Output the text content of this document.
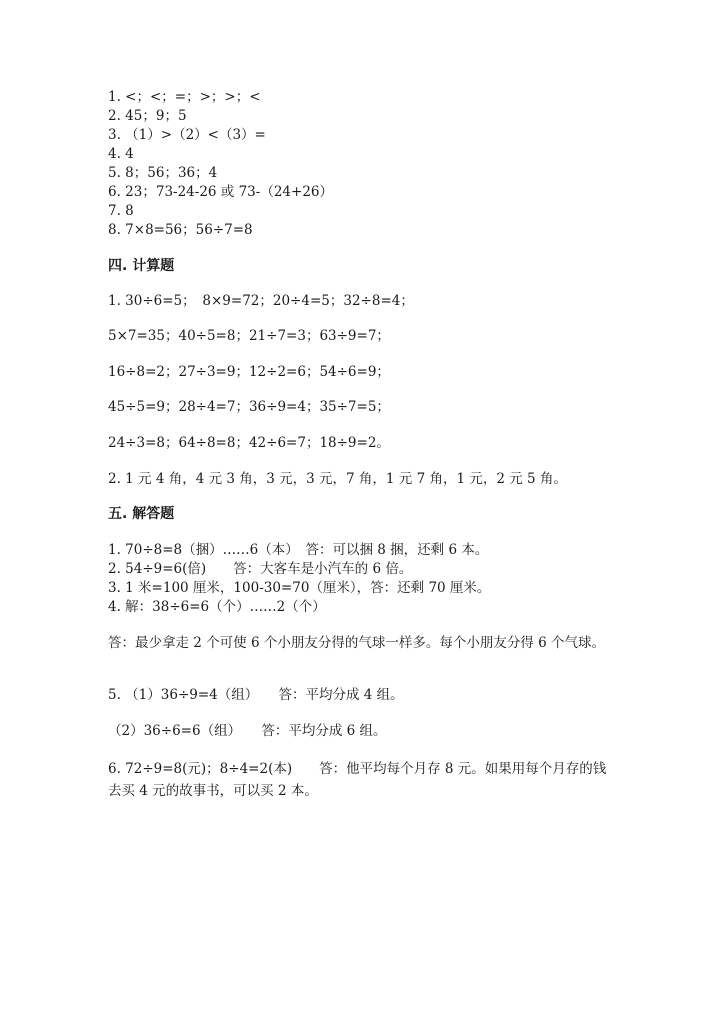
1. <；<；=；>；>；<
2. 45；9；5
3. （1）>（2）<（3）=
4. 4
5. 8；56；36；4
6. 23；73-24-26 或 73-（24+26）
7. 8
8. 7×8=56；56÷7=8
四. 计算题
1. 30÷6=5；　8×9=72；20÷4=5；32÷8=4；
5×7=35；40÷5=8；21÷7=3；63÷9=7；
16÷8=2；27÷3=9；12÷2=6；54÷6=9；
45÷5=9；28÷4=7；36÷9=4；35÷7=5；
24÷3=8；64÷8=8；42÷6=7；18÷9=2。
2. 1 元 4 角，4 元 3 角，3 元，3 元，7 角，1 元 7 角，1 元，2 元 5 角。
五. 解答题
1. 70÷8=8（捆）……6（本）　答：可以捆 8 捆，还剩 6 本。
2. 54÷9=6(倍)　　答：大客车是小汽车的 6 倍。
3. 1 米=100 厘米，100-30=70（厘米），答：还剩 70 厘米。
4. 解：38÷6=6（个）……2（个）
答：最少拿走 2 个可使 6 个小朋友分得的气球一样多。每个小朋友分得 6 个气球。
5. （1）36÷9=4（组）　　答：平均分成 4 组。
（2）36÷6=6（组）　　答：平均分成 6 组。
6. 72÷9=8(元)；8÷4=2(本)　　答：他平均每个月存 8 元。如果用每个月存的钱去买 4 元的故事书，可以买 2 本。
